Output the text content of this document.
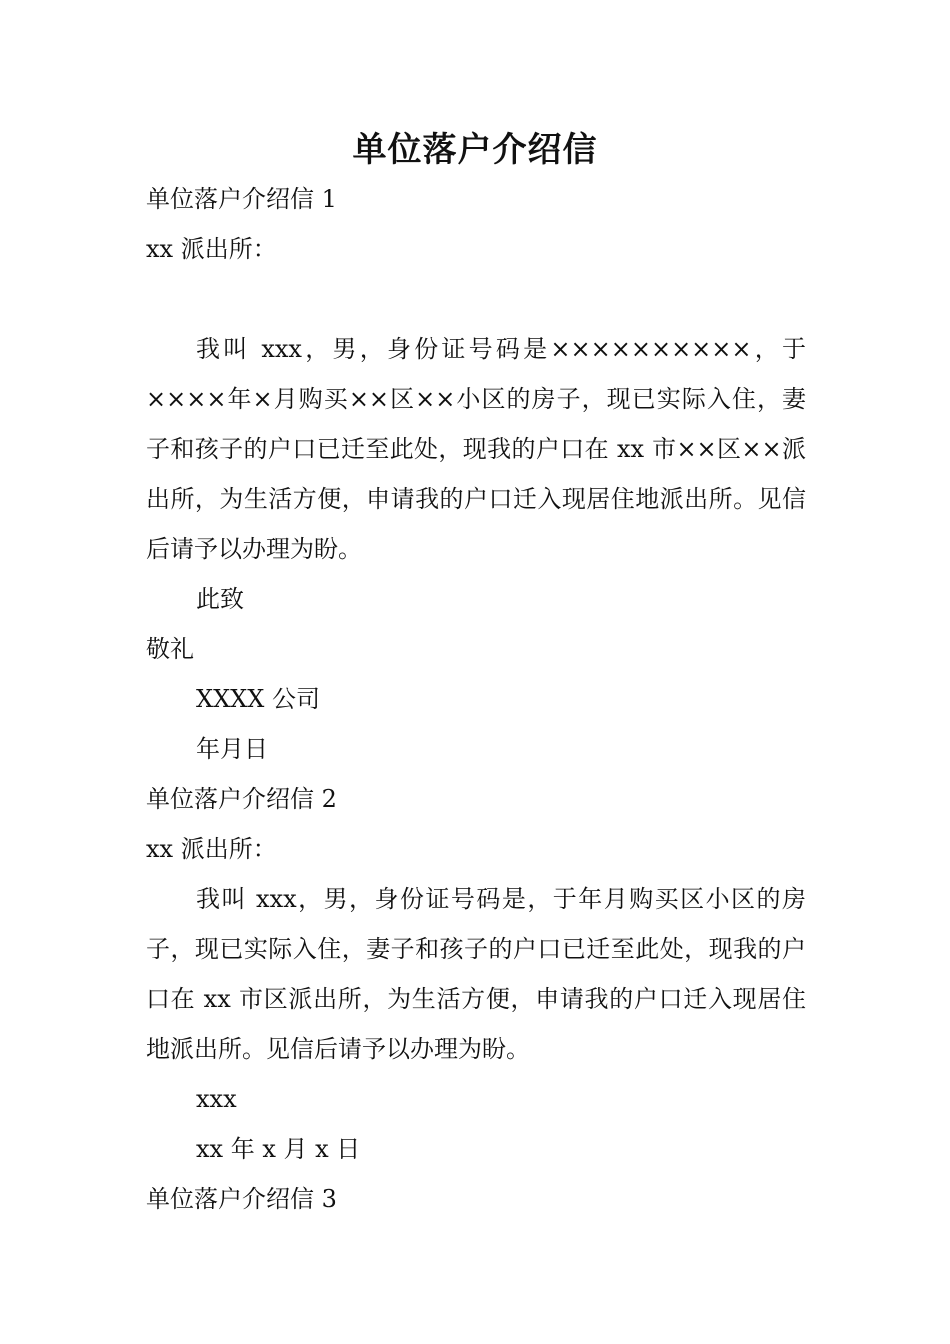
单位落户介绍信
单位落户介绍信 1
xx 派出所：

我叫 xxx，男，身份证号码是××××××××××，于××××年×月购买××区××小区的房子，现已实际入住，妻子和孩子的户口已迁至此处，现我的户口在 xx 市××区××派出所，为生活方便，申请我的户口迁入现居住地派出所。见信后请予以办理为盼。

此致
敬礼
XXXX 公司
年月日
单位落户介绍信 2
xx 派出所：

我叫 xxx，男，身份证号码是，于年月购买区小区的房子，现已实际入住，妻子和孩子的户口已迁至此处，现我的户口在 xx 市区派出所，为生活方便，申请我的户口迁入现居住地派出所。见信后请予以办理为盼。

xxx
xx 年 x 月 x 日
单位落户介绍信 3
